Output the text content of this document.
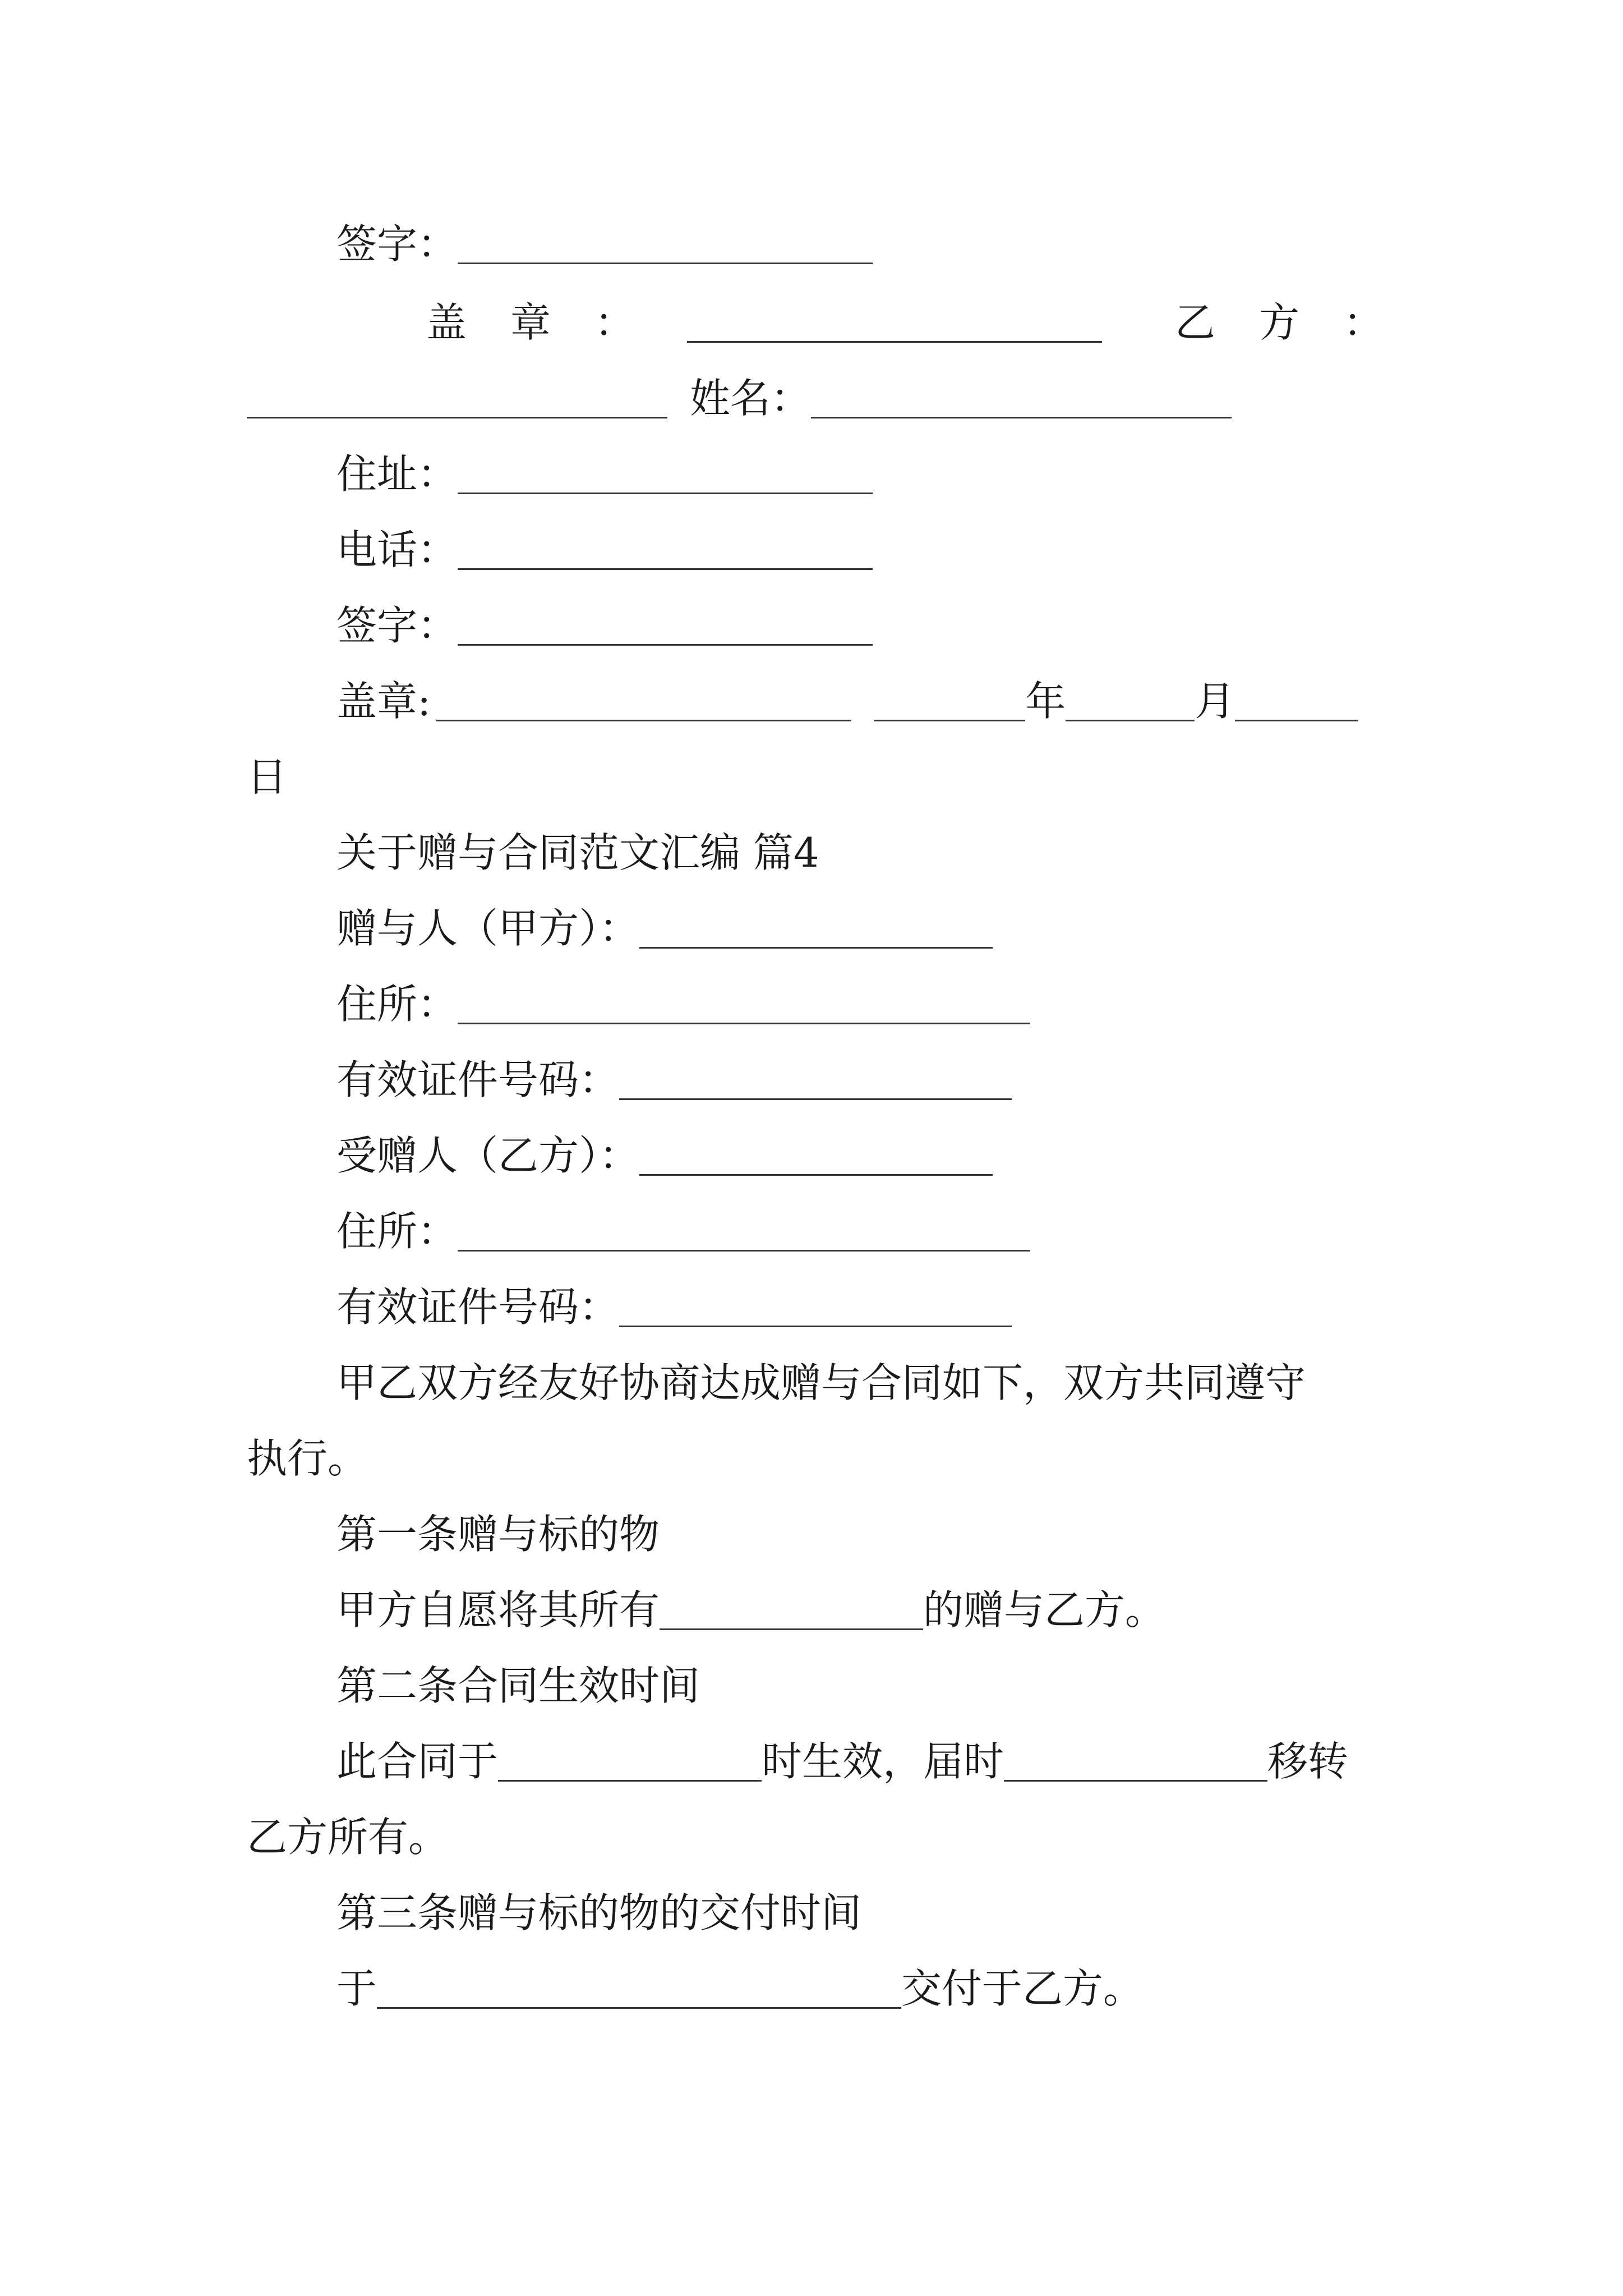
签字：
盖章：	乙方：
姓名：
住址：
电话：
签字：
盖章:	年	月
日
关于赠与合同范文汇编 篇4
赠与人（甲方）：
住所：
有效证件号码：
受赠人（乙方）：
住所：
有效证件号码：
甲乙双方经友好协商达成赠与合同如下，双方共同遵守
执行。
第一条赠与标的物
甲方自愿将其所有	的赠与乙方。
第二条合同生效时间
此合同于	时生效，届时	移转
乙方所有。
第三条赠与标的物的交付时间
于	交付于乙方。
